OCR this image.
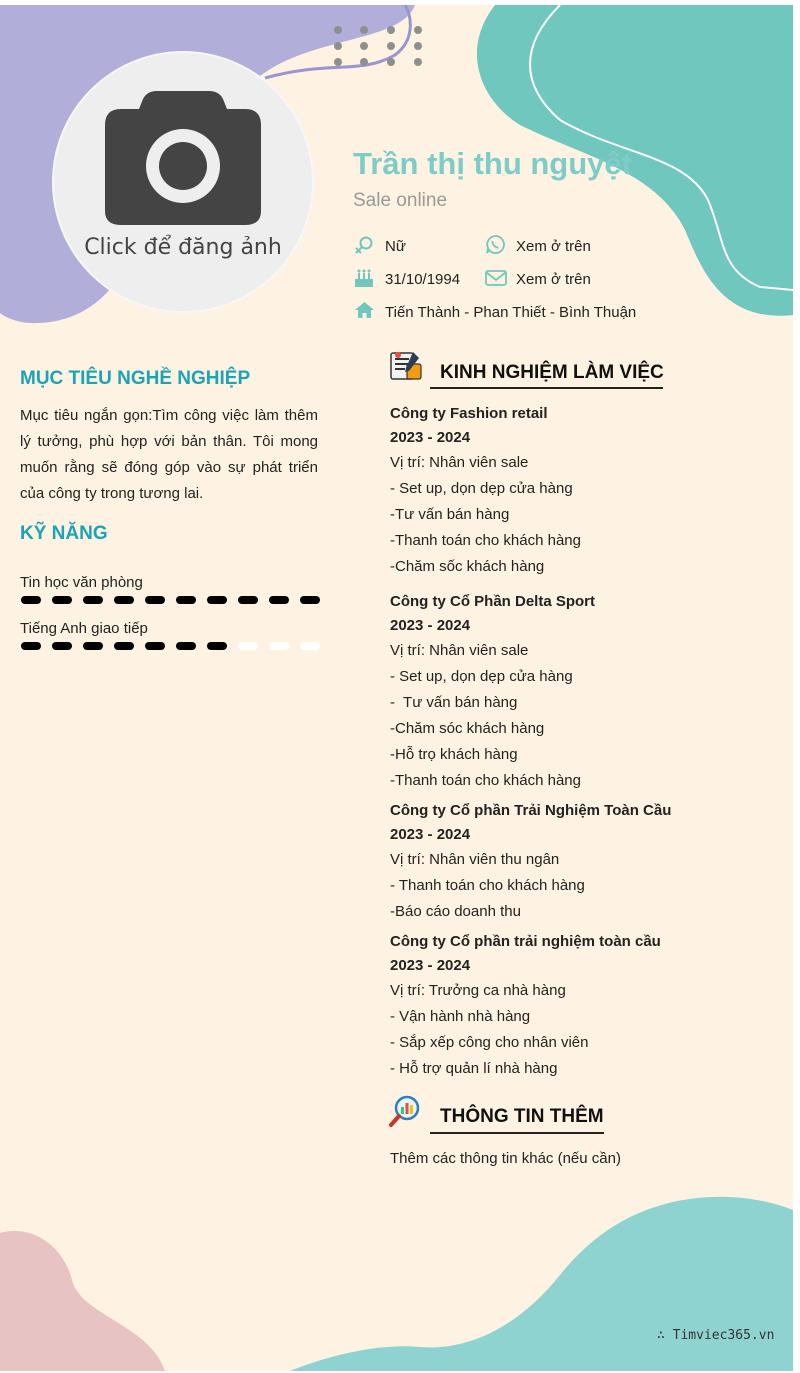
Click để đăng ảnh
Trần thị thu nguyệt
Sale online
Nữ	Xem ở trên
31/10/1994	Xem ở trên
Tiến Thành - Phan Thiết - Bình Thuận
MỤC TIÊU NGHỀ NGHIỆP
Mục tiêu ngắn gọn:Tìm công việc làm thêm lý tưởng, phù hợp với bản thân. Tôi mong muốn rằng sẽ đóng góp vào sự phát triển của công ty trong tương lai.
KỸ NĂNG
Tin học văn phòng
Tiếng Anh giao tiếp
KINH NGHIỆM LÀM VIỆC
Công ty Fashion retail
2023 - 2024
Vị trí: Nhân viên sale
- Set up, dọn dẹp cửa hàng
-Tư vấn bán hàng
-Thanh toán cho khách hàng
-Chăm sốc khách hàng
Công ty Cổ Phần Delta Sport
2023 - 2024
Vị trí: Nhân viên sale
- Set up, dọn dẹp cửa hàng
-  Tư vấn bán hàng
-Chăm sóc khách hàng
-Hỗ trọ khách hàng
-Thanh toán cho khách hàng
Công ty Cổ phần Trải Nghiệm Toàn Cầu
2023 - 2024
Vị trí: Nhân viên thu ngân
- Thanh toán cho khách hàng
-Báo cáo doanh thu
Công ty Cổ phần trải nghiệm toàn cầu
2023 - 2024
Vị trí: Trưởng ca nhà hàng
- Vận hành nhà hàng
- Sắp xếp công cho nhân viên
- Hỗ trợ quản lí nhà hàng
THÔNG TIN THÊM
Thêm các thông tin khác (nếu cần)
∴ Timviec365.vn
